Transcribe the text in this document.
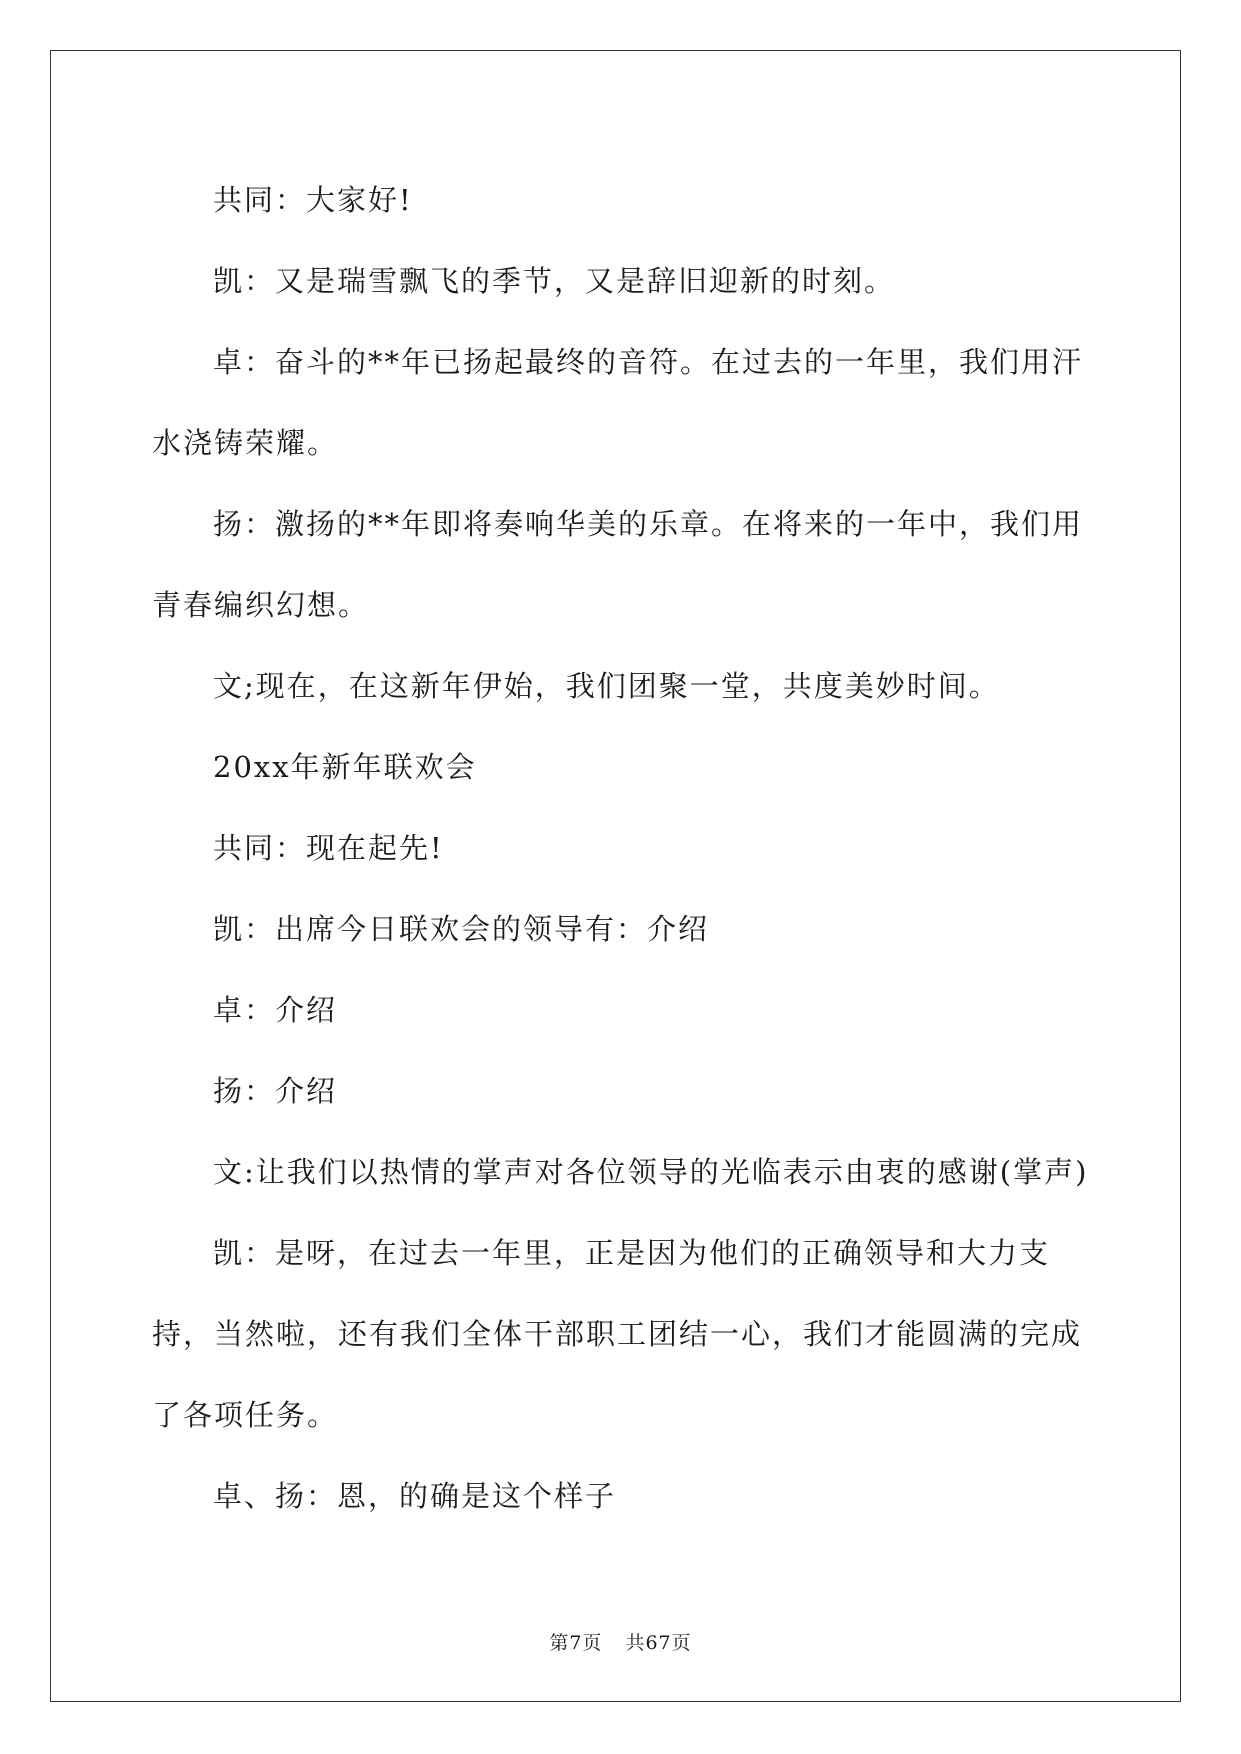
共同：大家好!

凯：又是瑞雪飘飞的季节，又是辞旧迎新的时刻。

卓：奋斗的**年已扬起最终的音符。在过去的一年里，我们用汗水浇铸荣耀。

扬：激扬的**年即将奏响华美的乐章。在将来的一年中，我们用青春编织幻想。

文;现在，在这新年伊始，我们团聚一堂，共度美妙时间。

20xx年新年联欢会

共同：现在起先!

凯：出席今日联欢会的领导有：介绍

卓：介绍

扬：介绍

文:让我们以热情的掌声对各位领导的光临表示由衷的感谢(掌声)

凯：是呀，在过去一年里，正是因为他们的正确领导和大力支持，当然啦，还有我们全体干部职工团结一心，我们才能圆满的完成了各项任务。

卓、扬：恩，的确是这个样子

第7页 共67页
